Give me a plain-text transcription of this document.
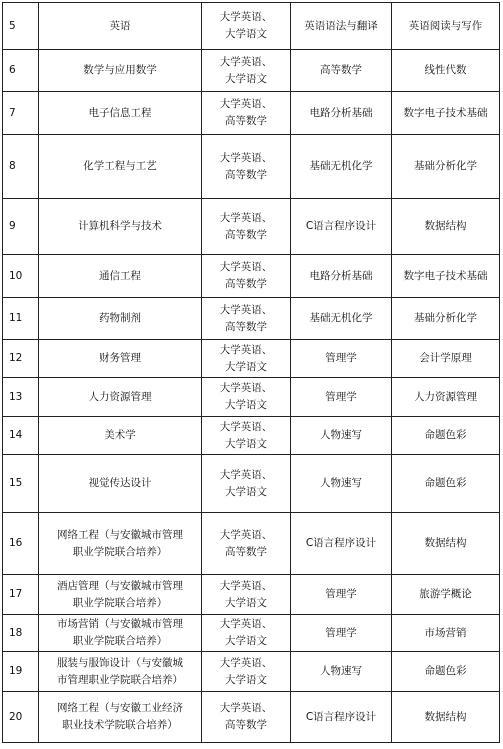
5	英语	大学英语、
大学语文	英语语法与翻译	英语阅读与写作
6	数学与应用数学	大学英语、
大学语文	高等数学	线性代数
7	电子信息工程	大学英语、
高等数学	电路分析基础	数字电子技术基础
8	化学工程与工艺	大学英语、
高等数学	基础无机化学	基础分析化学
9	计算机科学与技术	大学英语、
高等数学	C语言程序设计	数据结构
10	通信工程	大学英语、
高等数学	电路分析基础	数字电子技术基础
11	药物制剂	大学英语、
高等数学	基础无机化学	基础分析化学
12	财务管理	大学英语、
大学语文	管理学	会计学原理
13	人力资源管理	大学英语、
大学语文	管理学	人力资源管理
14	美术学	大学英语、
大学语文	人物速写	命题色彩
15	视觉传达设计	大学英语、
大学语文	人物速写	命题色彩
16	网络工程（与安徽城市管理
职业学院联合培养）	大学英语、
高等数学	C语言程序设计	数据结构
17	酒店管理（与安徽城市管理
职业学院联合培养）	大学英语、
大学语文	管理学	旅游学概论
18	市场营销（与安徽城市管理
职业学院联合培养）	大学英语、
大学语文	管理学	市场营销
19	服装与服饰设计（与安徽城
市管理职业学院联合培养）	大学英语、
大学语文	人物速写	命题色彩
20	网络工程（与安徽工业经济
职业技术学院联合培养）	大学英语、
高等数学	C语言程序设计	数据结构
